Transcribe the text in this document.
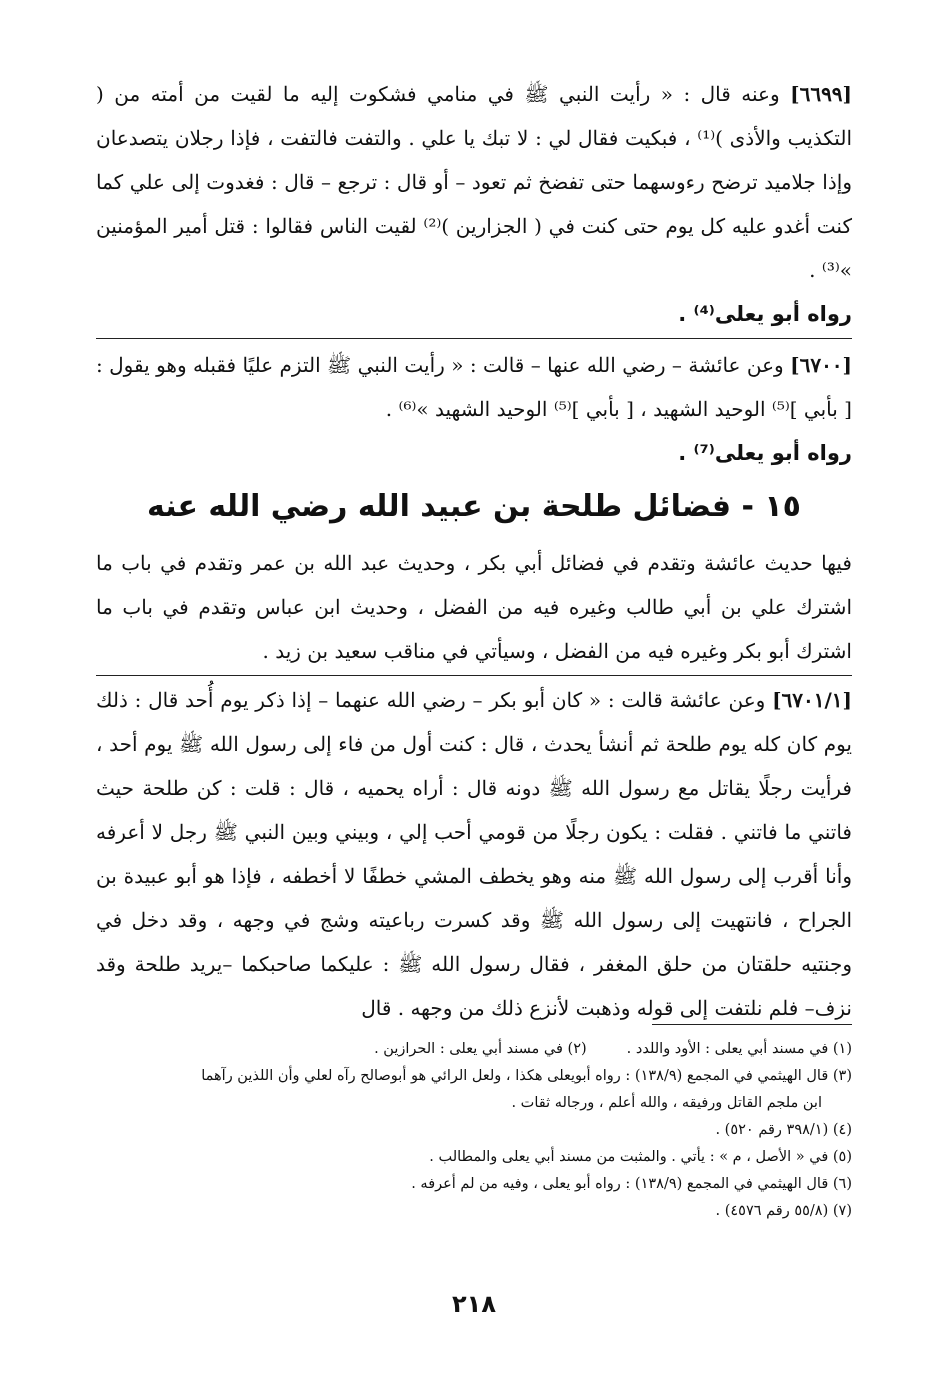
[٦٦٩٩] وعنه قال : « رأيت النبي ﷺ في منامي فشكوت إليه ما لقيت من أمته من ( التكذيب والأذى )⁽¹⁾ ، فبكيت فقال لي : لا تبك يا علي . والتفت فالتفت ، فإذا رجلان يتصدعان وإذا جلاميد ترضح رءوسهما حتى تفضخ ثم تعود – أو قال : ترجع – قال : فغدوت إلى علي كما كنت أغدو عليه كل يوم حتى كنت في ( الجزارين )⁽²⁾ لقيت الناس فقالوا : قتل أمير المؤمنين »⁽³⁾ .

رواه أبو يعلى⁽⁴⁾ .

[٦٧٠٠] وعن عائشة – رضي الله عنها – قالت : « رأيت النبي ﷺ التزم عليًا فقبله وهو يقول : [ بأبي ]⁽⁵⁾ الوحيد الشهيد ، [ بأبي ]⁽⁵⁾ الوحيد الشهيد »⁽⁶⁾ .

رواه أبو يعلى⁽⁷⁾ .

١٥ - فضائل طلحة بن عبيد الله رضي الله عنه

فيها حديث عائشة وتقدم في فضائل أبي بكر ، وحديث عبد الله بن عمر وتقدم في باب ما اشترك علي بن أبي طالب وغيره فيه من الفضل ، وحديث ابن عباس وتقدم في باب ما اشترك أبو بكر وغيره فيه من الفضل ، وسيأتي في مناقب سعيد بن زيد .

[٦٧٠١/١] وعن عائشة قالت : « كان أبو بكر – رضي الله عنهما – إذا ذكر يوم أُحد قال : ذلك يوم كان كله يوم طلحة ثم أنشأ يحدث ، قال : كنت أول من فاء إلى رسول الله ﷺ يوم أحد ، فرأيت رجلًا يقاتل مع رسول الله ﷺ دونه قال : أراه يحميه ، قال : قلت : كن طلحة حيث فاتني ما فاتني . فقلت : يكون رجلًا من قومي أحب إلي ، وبيني وبين النبي ﷺ رجل لا أعرفه وأنا أقرب إلى رسول الله ﷺ منه وهو يخطف المشي خطفًا لا أخطفه ، فإذا هو أبو عبيدة بن الجراح ، فانتهيت إلى رسول الله ﷺ وقد كسرت رباعيته وشج في وجهه ، وقد دخل في وجنتيه حلقتان من حلق المغفر ، فقال رسول الله ﷺ : عليكما صاحبكما –يريد طلحة وقد نزف– فلم نلتفت إلى قوله وذهبت لأنزع ذلك من وجهه . قال

(١) في مسند أبي يعلى : الأود واللدد .

(٢) في مسند أبي يعلى : الحرازين .

(٣) قال الهيثمي في المجمع (١٣٨/٩) : رواه أبويعلى هكذا ، ولعل الرائي هو أبوصالح رآه لعلي وأن اللذين رآهما

ابن ملجم القاتل ورفيقه ، والله أعلم ، ورجاله ثقات .

(٤) (٣٩٨/١ رقم ٥٢٠) .

(٥) في « الأصل ، م » : يأتي . والمثبت من مسند أبي يعلى والمطالب .

(٦) قال الهيثمي في المجمع (١٣٨/٩) : رواه أبو يعلى ، وفيه من لم أعرفه .

(٧) (٥٥/٨ رقم ٤٥٧٦) .

٢١٨
